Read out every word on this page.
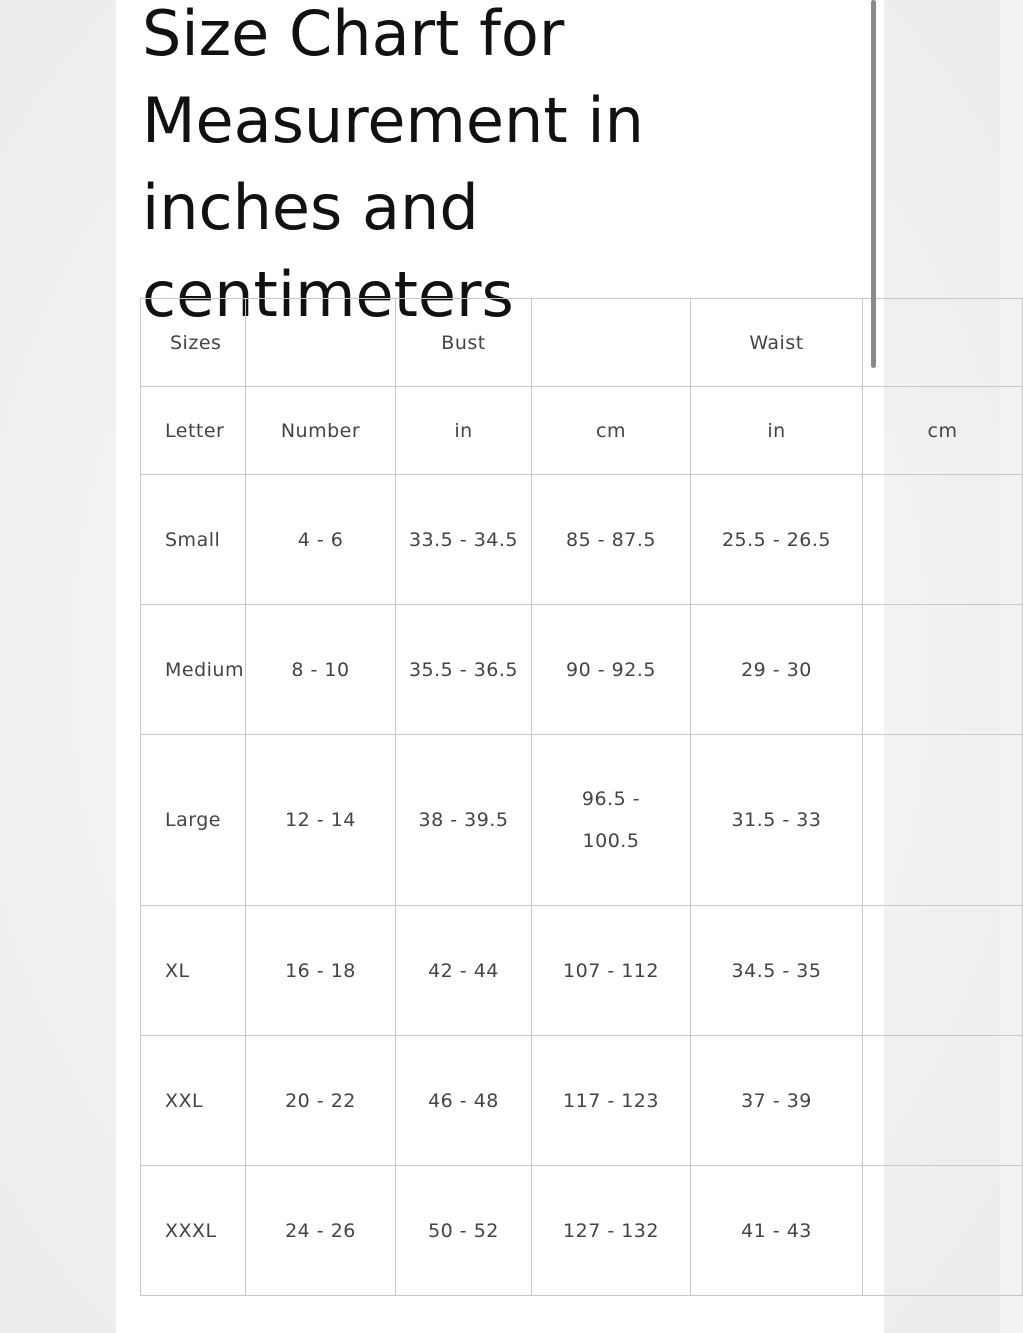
Size Chart for Measurement in inches and centimeters
Sizes		Bust		Waist	
Letter	Number	in	cm	in	cm
Small	4 - 6	33.5 - 34.5	85 - 87.5	25.5 - 26.5	
Medium	8 - 10	35.5 - 36.5	90 - 92.5	29 - 30	
Large	12 - 14	38 - 39.5	96.5 - 100.5	31.5 - 33	
XL	16 - 18	42 - 44	107 - 112	34.5 - 35	
XXL	20 - 22	46 - 48	117 - 123	37 - 39	
XXXL	24 - 26	50 - 52	127 - 132	41 - 43	
